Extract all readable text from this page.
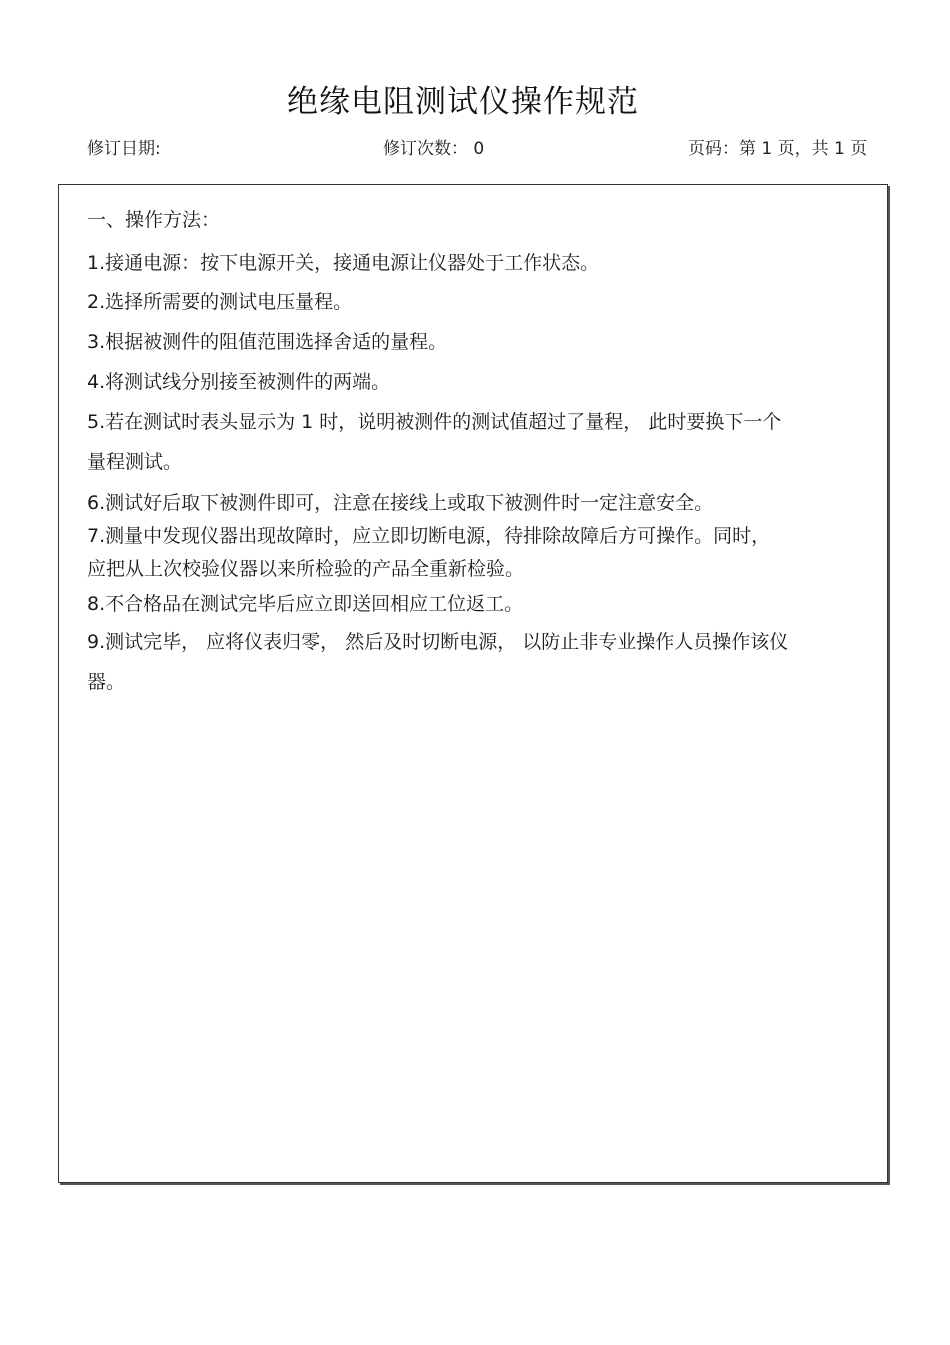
绝缘电阻测试仪操作规范
修订日期:	修订次数： 0	页码：第 1 页，共 1 页
一、操作方法：
1.接通电源：按下电源开关，接通电源让仪器处于工作状态。
2.选择所需要的测试电压量程。
3.根据被测件的阻值范围选择舍适的量程。
4.将测试线分别接至被测件的两端。
5.若在测试时表头显示为 1 时，说明被测件的测试值超过了量程， 此时要换下一个
量程测试。
6.测试好后取下被测件即可，注意在接线上或取下被测件时一定注意安全。
7.测量中发现仪器出现故障时，应立即切断电源，待排除故障后方可操作。同时，
应把从上次校验仪器以来所检验的产品全重新检验。
8.不合格品在测试完毕后应立即送回相应工位返工。
9.测试完毕， 应将仪表归零， 然后及时切断电源， 以防止非专业操作人员操作该仪
器。
